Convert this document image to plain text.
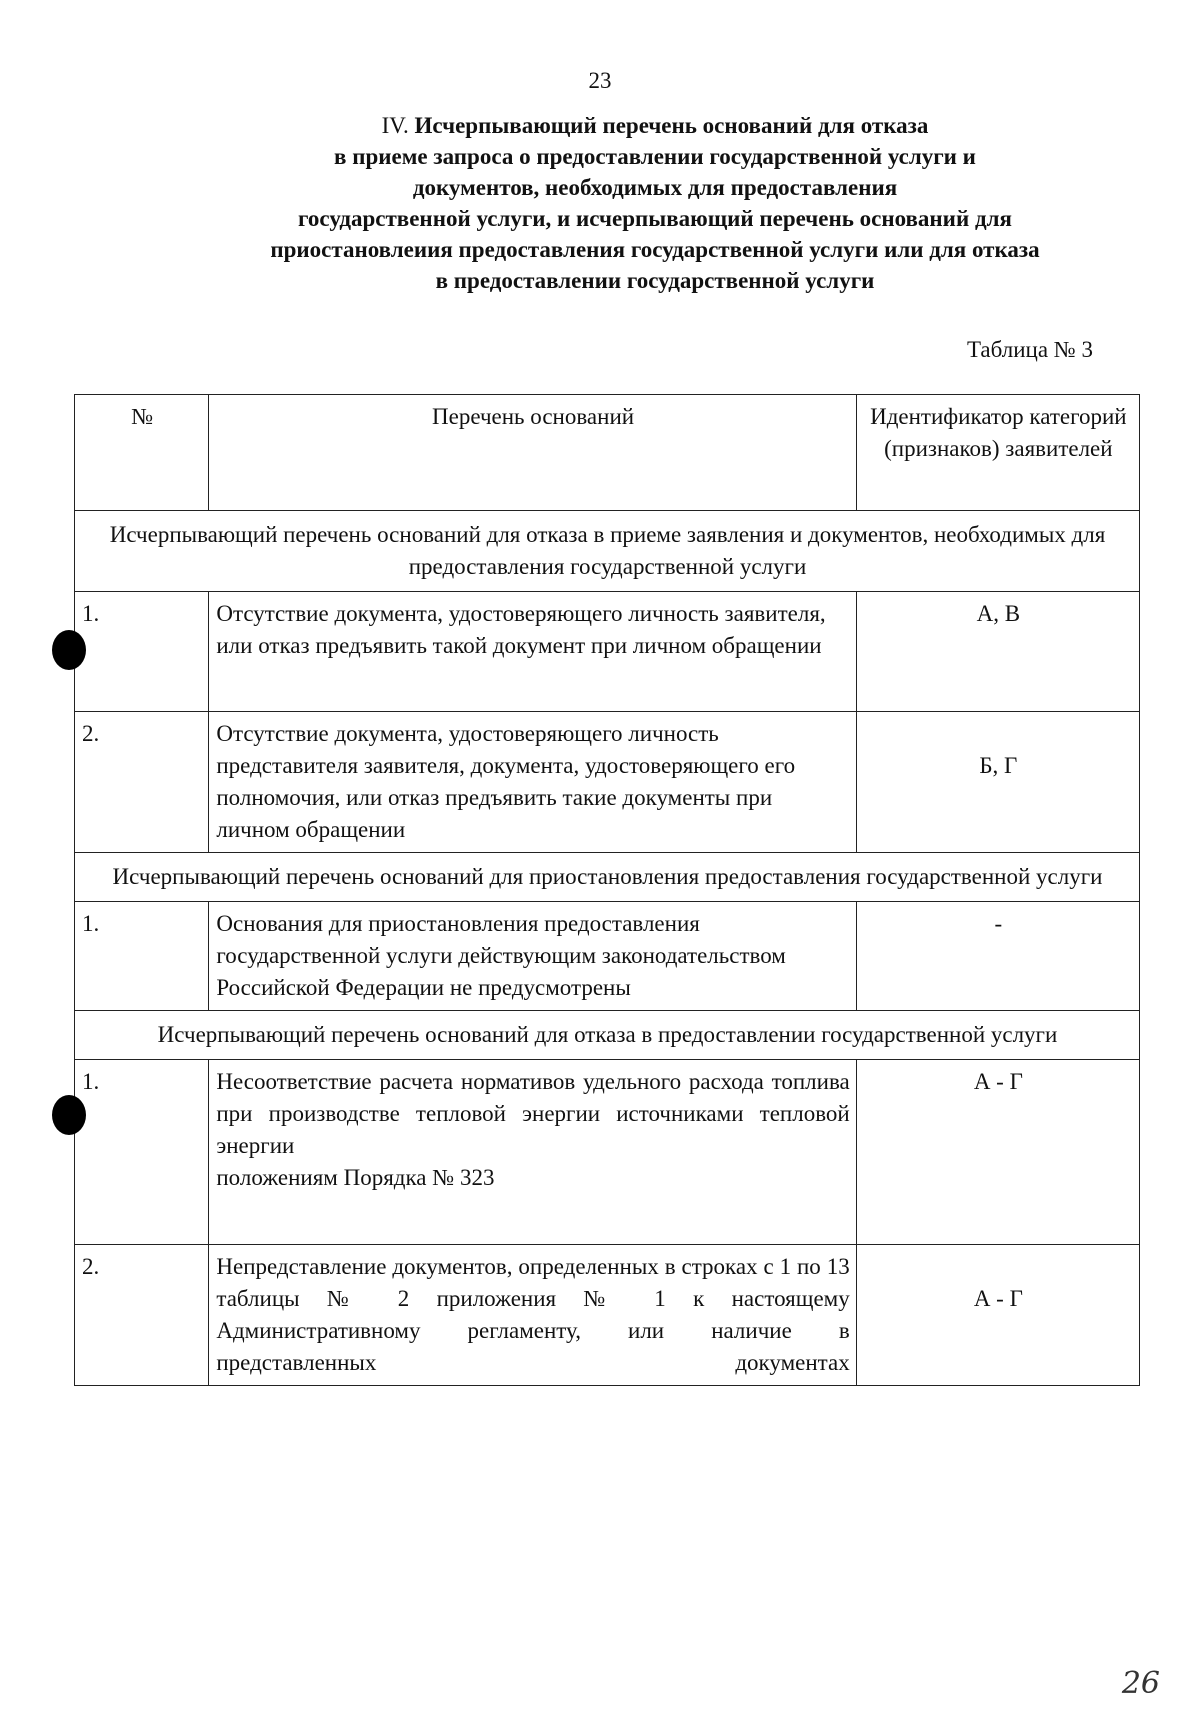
23
IV. Исчерпывающий перечень оснований для отказа
в приеме запроса о предоставлении государственной услуги и
документов, необходимых для предоставления
государственной услуги, и исчерпывающий перечень оснований для
приостановлеиия предоставления государственной услуги или для отказа
в предоставлении государственной услуги
Таблица № 3
№	Перечень оснований	Идентификатор категорий (признаков) заявителей
Исчерпывающий перечень оснований для отказа в приеме заявления и документов, необходимых для предоставления государственной услуги		
1.	Отсутствие документа, удостоверяющего личность заявителя, или отказ предъявить такой документ при личном обращении	А, В
2.	Отсутствие документа, удостоверяющего личность представителя заявителя, документа, удостоверяющего его полномочия, или отказ предъявить такие документы при личном обращении	Б, Г
Исчерпывающий перечень оснований для приостановления предоставления государственной услуги		
1.	Основания для приостановления предоставления государственной услуги действующим законодательством Российской Федерации не предусмотрены	-
Исчерпывающий перечень оснований для отказа в предоставлении государственной услуги		
1.	Несоответствие расчета нормативов удельного расхода топлива при производстве тепловой энергии источниками тепловой энергии
положениям Порядка № 323	А - Г
2.	Непредставление документов, определенных в строках с 1 по 13 таблицы № 2 приложения № 1 к настоящему Административному регламенту, или наличие в представленных документах	А - Г
26
